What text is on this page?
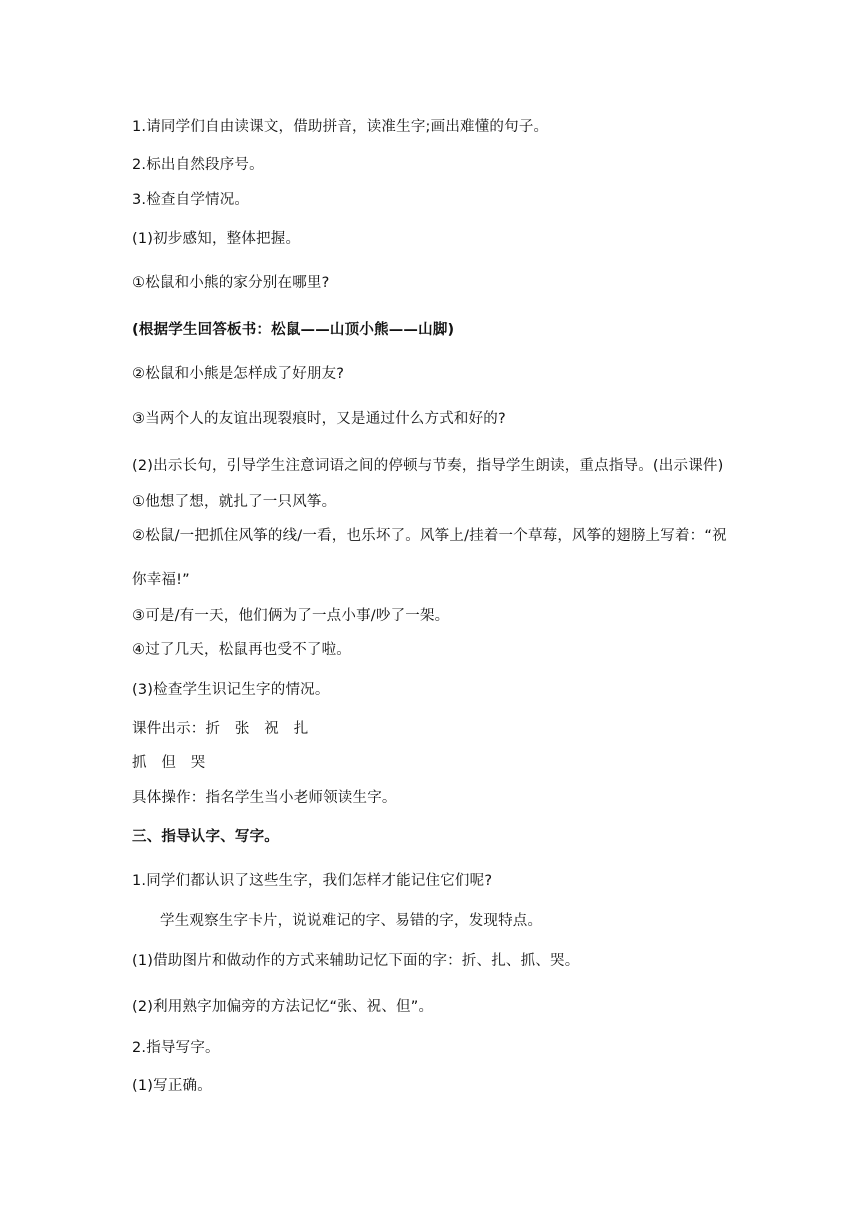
1.请同学们自由读课文，借助拼音，读准生字;画出难懂的句子。
2.标出自然段序号。
3.检查自学情况。
(1)初步感知，整体把握。
①松鼠和小熊的家分别在哪里?
(根据学生回答板书：松鼠——山顶小熊——山脚)
②松鼠和小熊是怎样成了好朋友?
③当两个人的友谊出现裂痕时，又是通过什么方式和好的?
(2)出示长句，引导学生注意词语之间的停顿与节奏，指导学生朗读，重点指导。(出示课件)
①他想了想，就扎了一只风筝。
②松鼠/一把抓住风筝的线/一看，也乐坏了。风筝上/挂着一个草莓，风筝的翅膀上写着：“祝
你幸福!”
③可是/有一天，他们俩为了一点小事/吵了一架。
④过了几天，松鼠再也受不了啦。
(3)检查学生识记生字的情况。
课件出示：折　张　祝　扎
抓　但　哭
具体操作：指名学生当小老师领读生字。
三、指导认字、写字。
1.同学们都认识了这些生字，我们怎样才能记住它们呢?
学生观察生字卡片，说说难记的字、易错的字，发现特点。
(1)借助图片和做动作的方式来辅助记忆下面的字：折、扎、抓、哭。
(2)利用熟字加偏旁的方法记忆“张、祝、但”。
2.指导写字。
(1)写正确。
